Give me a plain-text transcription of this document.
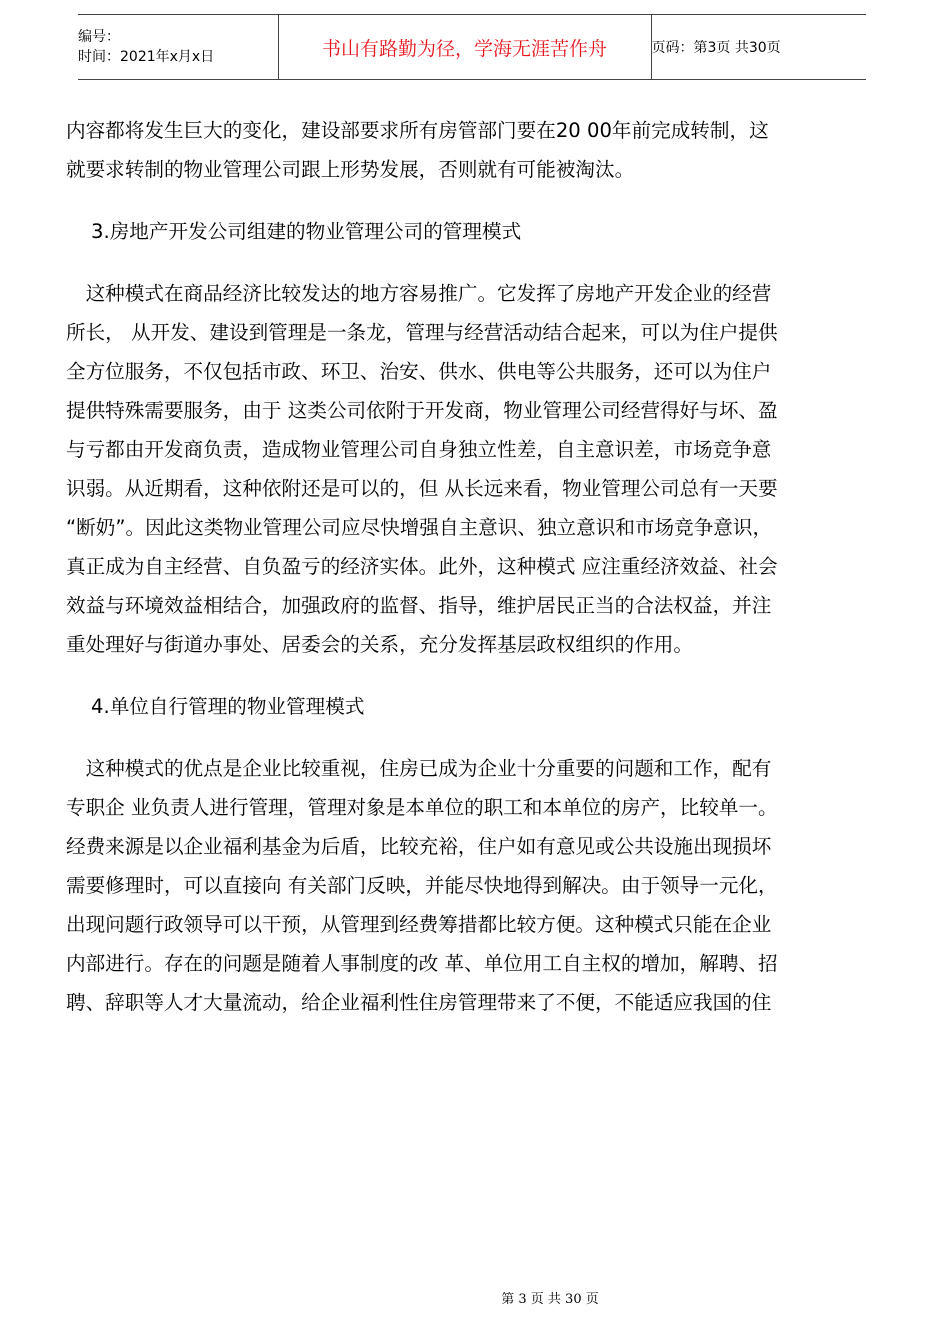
编号：
时间：2021年x月x日	书山有路勤为径，学海无涯苦作舟	页码：第3页 共30页
内容都将发生巨大的变化，建设部要求所有房管部门要在20 00年前完成转制，这
就要求转制的物业管理公司跟上形势发展，否则就有可能被淘汰。
3.房地产开发公司组建的物业管理公司的管理模式
　这种模式在商品经济比较发达的地方容易推广。它发挥了房地产开发企业的经营
所长， 从开发、建设到管理是一条龙，管理与经营活动结合起来，可以为住户提供
全方位服务，不仅包括市政、环卫、治安、供水、供电等公共服务，还可以为住户
提供特殊需要服务，由于 这类公司依附于开发商，物业管理公司经营得好与坏、盈
与亏都由开发商负责，造成物业管理公司自身独立性差，自主意识差，市场竞争意
识弱。从近期看，这种依附还是可以的，但 从长远来看，物业管理公司总有一天要
“断奶”。因此这类物业管理公司应尽快增强自主意识、独立意识和市场竞争意识，
真正成为自主经营、自负盈亏的经济实体。此外，这种模式 应注重经济效益、社会
效益与环境效益相结合，加强政府的监督、指导，维护居民正当的合法权益，并注
重处理好与街道办事处、居委会的关系，充分发挥基层政权组织的作用。
4.单位自行管理的物业管理模式
　这种模式的优点是企业比较重视，住房已成为企业十分重要的问题和工作，配有
专职企 业负责人进行管理，管理对象是本单位的职工和本单位的房产，比较单一。
经费来源是以企业福利基金为后盾，比较充裕，住户如有意见或公共设施出现损坏
需要修理时，可以直接向 有关部门反映，并能尽快地得到解决。由于领导一元化，
出现问题行政领导可以干预，从管理到经费筹措都比较方便。这种模式只能在企业
内部进行。存在的问题是随着人事制度的改 革、单位用工自主权的增加，解聘、招
聘、辞职等人才大量流动，给企业福利性住房管理带来了不便，不能适应我国的住
第 3 页 共 30 页
